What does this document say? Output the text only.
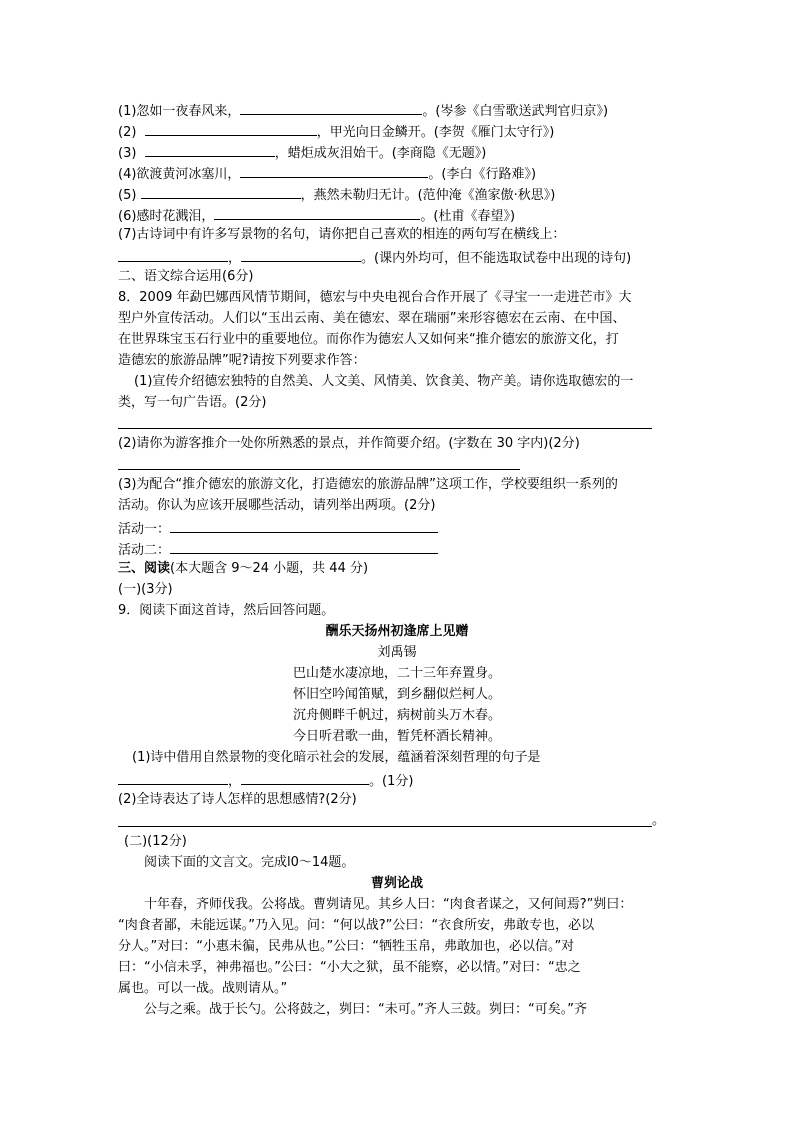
(1)忽如一夜春风来，	。(岑参《白雪歌送武判官归京》)
(2)	，甲光向日金鳞开。(李贺《雁门太守行》)
(3)	，蜡炬成灰泪始干。(李商隐《无题》)
(4)欲渡黄河冰塞川，	。(李白《行路难》)
(5)	，燕然未勒归无计。(范仲淹《渔家傲·秋思》)
(6)感时花溅泪，	。(杜甫《春望》)
(7)古诗词中有许多写景物的名句，请你把自己喜欢的相连的两句写在横线上：
，	。(课内外均可，但不能选取试卷中出现的诗句)
二、语文综合运用(6分)
8．2009 年勐巴娜西风情节期间，德宏与中央电视台合作开展了《寻宝一一走进芒市》大
型户外宣传活动。人们以“玉出云南、美在德宏、翠在瑞丽”来形容德宏在云南、在中国、
在世界珠宝玉石行业中的重要地位。而你作为德宏人又如何来“推介德宏的旅游文化，打
造德宏的旅游品牌”呢?请按下列要求作答：
(1)宣传介绍德宏独特的自然美、人文美、风情美、饮食美、物产美。请你选取德宏的一
类，写一句广告语。(2分)
(2)请你为游客推介一处你所熟悉的景点，并作简要介绍。(字数在 30 字内)(2分)
(3)为配合“推介德宏的旅游文化，打造德宏的旅游品牌”这项工作，学校要组织一系列的
活动。你认为应该开展哪些活动，请列举出两项。(2分)
活动一：
活动二：
三、阅读(本大题含 9～24 小题，共 44 分)
(一)(3分)
9．阅读下面这首诗，然后回答问题。
酬乐天扬州初逢席上见赠
刘禹锡
巴山楚水凄凉地，二十三年弃置身。
怀旧空吟闻笛赋，到乡翻似烂柯人。
沉舟侧畔千帆过，病树前头万木春。
今日听君歌一曲，暂凭杯酒长精神。
(1)诗中借用自然景物的变化暗示社会的发展，蕴涵着深刻哲理的句子是
，	。(1分)
(2)全诗表达了诗人怎样的思想感情?(2分)
。
(二)(12分)
阅读下面的文言文。完成l0～14题。
曹刿论战
十年春，齐师伐我。公将战。曹刿请见。其乡人曰：“肉食者谋之，又何间焉?”刿曰：
“肉食者鄙，未能远谋。”乃入见。问：“何以战?”公曰：“衣食所安，弗敢专也，必以
分人。”对曰：“小惠未徧，民弗从也。”公曰：“牺牲玉帛，弗敢加也，必以信。”对
曰：“小信未孚，神弗福也。”公曰：“小大之狱，虽不能察，必以情。”对曰：“忠之
属也。可以一战。战则请从。”
公与之乘。战于长勺。公将鼓之，刿曰：“未可。”齐人三鼓。刿曰：“可矣。”齐
